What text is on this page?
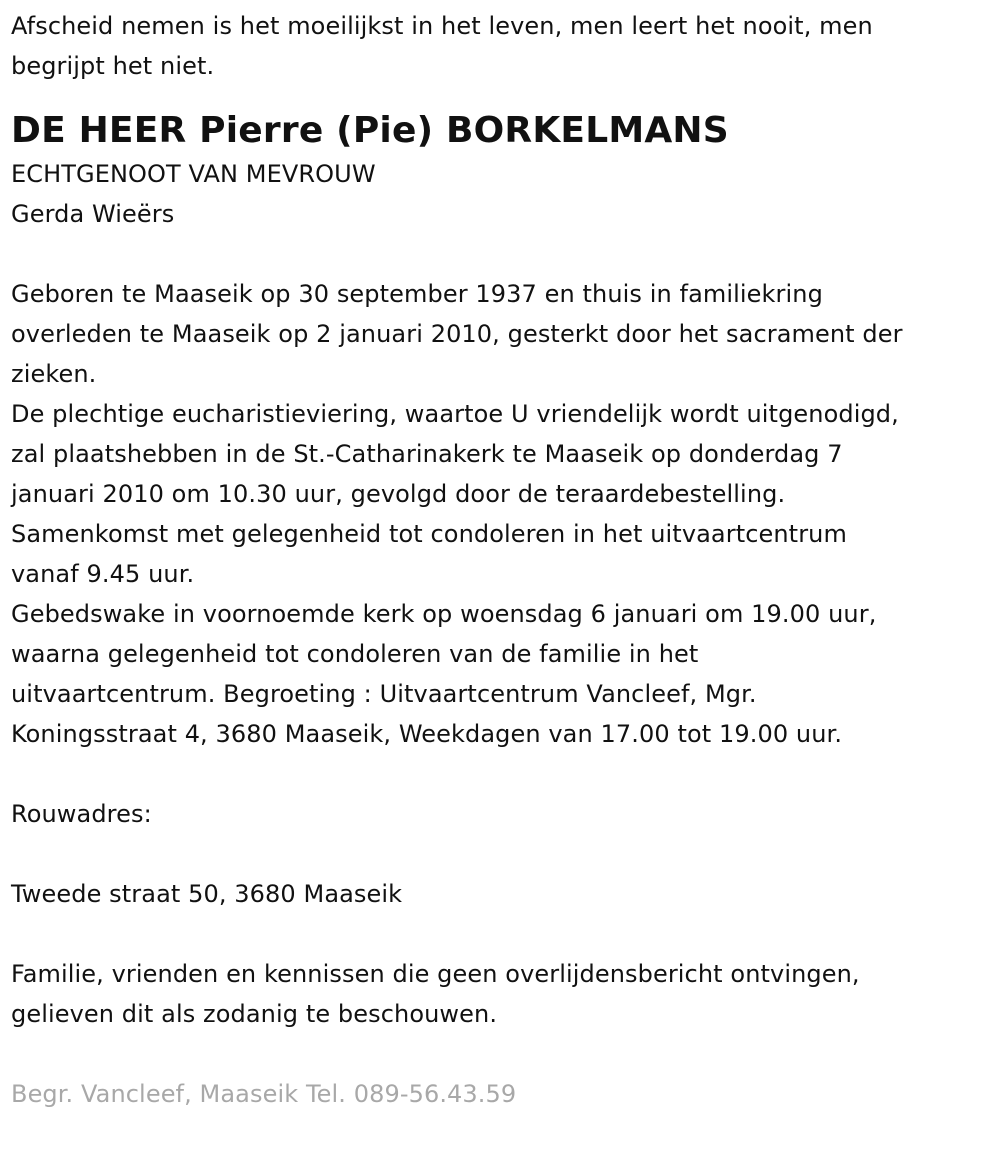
Afscheid nemen is het moeilijkst in het leven, men leert het nooit, men

begrijpt het niet.

DE HEER Pierre (Pie) BORKELMANS

ECHTGENOOT VAN MEVROUW

Gerda Wieërs

Geboren te Maaseik op 30 september 1937 en thuis in familiekring

overleden te Maaseik op 2 januari 2010, gesterkt door het sacrament der

zieken.

De plechtige eucharistieviering, waartoe U vriendelijk wordt uitgenodigd,

zal plaatshebben in de St.-Catharinakerk te Maaseik op donderdag 7

januari 2010 om 10.30 uur, gevolgd door de teraardebestelling.

Samenkomst met gelegenheid tot condoleren in het uitvaartcentrum

vanaf 9.45 uur.

Gebedswake in voornoemde kerk op woensdag 6 januari om 19.00 uur,

waarna gelegenheid tot condoleren van de familie in het

uitvaartcentrum. Begroeting : Uitvaartcentrum Vancleef, Mgr.

Koningsstraat 4, 3680 Maaseik, Weekdagen van 17.00 tot 19.00 uur.

Rouwadres:

Tweede straat 50, 3680 Maaseik

Familie, vrienden en kennissen die geen overlijdensbericht ontvingen,

gelieven dit als zodanig te beschouwen.

Begr. Vancleef, Maaseik Tel. 089-56.43.59
